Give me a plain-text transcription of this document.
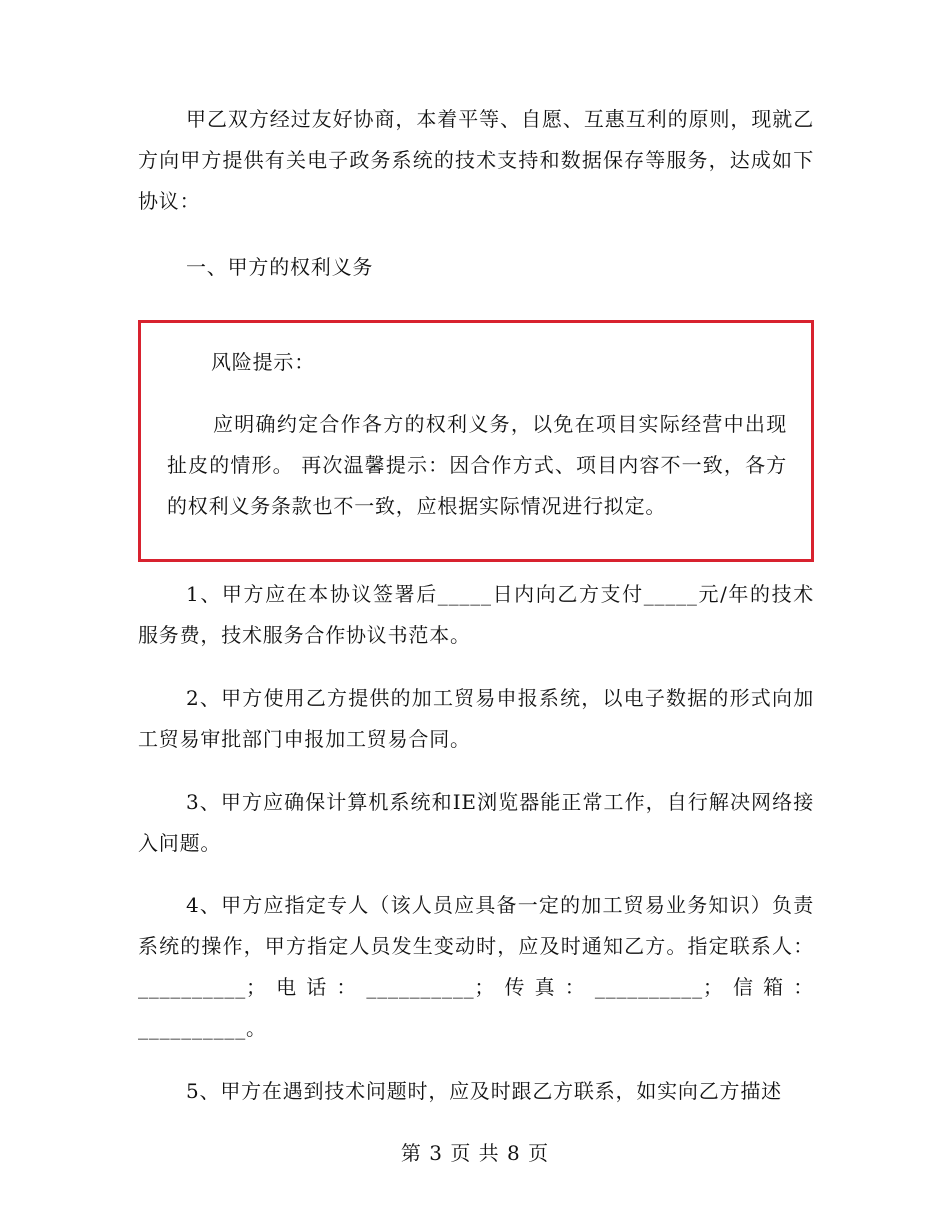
甲乙双方经过友好协商，本着平等、自愿、互惠互利的原则，现就乙方向甲方提供有关电子政务系统的技术支持和数据保存等服务，达成如下协议：

一、甲方的权利义务

风险提示：

应明确约定合作各方的权利义务，以免在项目实际经营中出现扯皮的情形。 再次温馨提示：因合作方式、项目内容不一致，各方的权利义务条款也不一致，应根据实际情况进行拟定。

1、甲方应在本协议签署后_____日内向乙方支付_____元/年的技术服务费，技术服务合作协议书范本。

2、甲方使用乙方提供的加工贸易申报系统，以电子数据的形式向加工贸易审批部门申报加工贸易合同。

3、甲方应确保计算机系统和IE浏览器能正常工作，自行解决网络接入问题。

4、甲方应指定专人（该人员应具备一定的加工贸易业务知识）负责系统的操作，甲方指定人员发生变动时，应及时通知乙方。指定联系人：__________；电话：__________；传真：__________；信箱：__________。

5、甲方在遇到技术问题时，应及时跟乙方联系，如实向乙方描述

第 3 页 共 8 页
